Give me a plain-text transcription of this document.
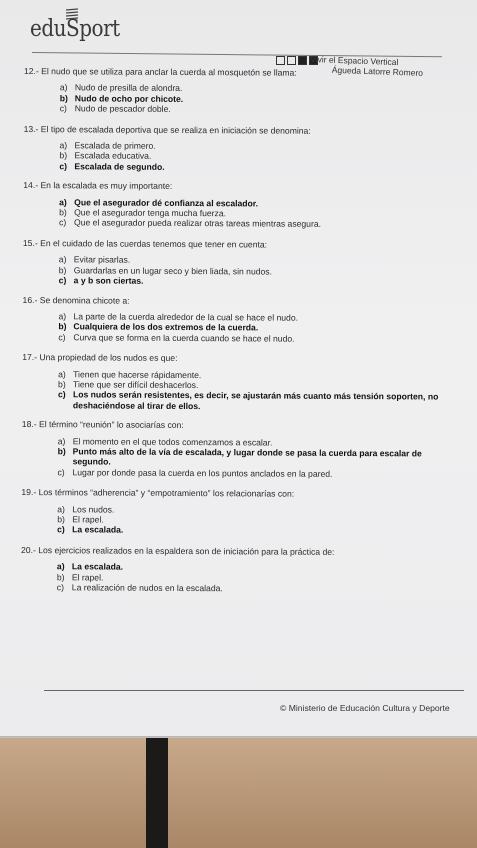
eduSport
Vivir el Espacio Vertical
Águeda Latorre Romero
12.- El nudo que se utiliza para anclar la cuerda al mosquetón se llama:
a) Nudo de presilla de alondra.
b) Nudo de ocho por chicote.
c) Nudo de pescador doble.
13.- El tipo de escalada deportiva que se realiza en iniciación se denomina:
a) Escalada de primero.
b) Escalada educativa.
c) Escalada de segundo.
14.- En la escalada es muy importante:
a) Que el asegurador dé confianza al escalador.
b) Que el asegurador tenga mucha fuerza.
c) Que el asegurador pueda realizar otras tareas mientras asegura.
15.- En el cuidado de las cuerdas tenemos que tener en cuenta:
a) Evitar pisarlas.
b) Guardarlas en un lugar seco y bien liada, sin nudos.
c) a y b son ciertas.
16.- Se denomina chicote a:
a) La parte de la cuerda alrededor de la cual se hace el nudo.
b) Cualquiera de los dos extremos de la cuerda.
c) Curva que se forma en la cuerda cuando se hace el nudo.
17.- Una propiedad de los nudos es que:
a) Tienen que hacerse rápidamente.
b) Tiene que ser difícil deshacerlos.
c) Los nudos serán resistentes, es decir, se ajustarán más cuanto más tensión soporten, no deshaciéndose al tirar de ellos.
18.- El término “reunión” lo asociarías con:
a) El momento en el que todos comenzamos a escalar.
b) Punto más alto de la vía de escalada, y lugar donde se pasa la cuerda para escalar de segundo.
c) Lugar por donde pasa la cuerda en los puntos anclados en la pared.
19.- Los términos “adherencia” y “empotramiento” los relacionarías con:
a) Los nudos.
b) El rapel.
c) La escalada.
20.- Los ejercicios realizados en la espaldera son de iniciación para la práctica de:
a) La escalada.
b) El rapel.
c) La realización de nudos en la escalada.
© Ministerio de Educación Cultura y Deporte
